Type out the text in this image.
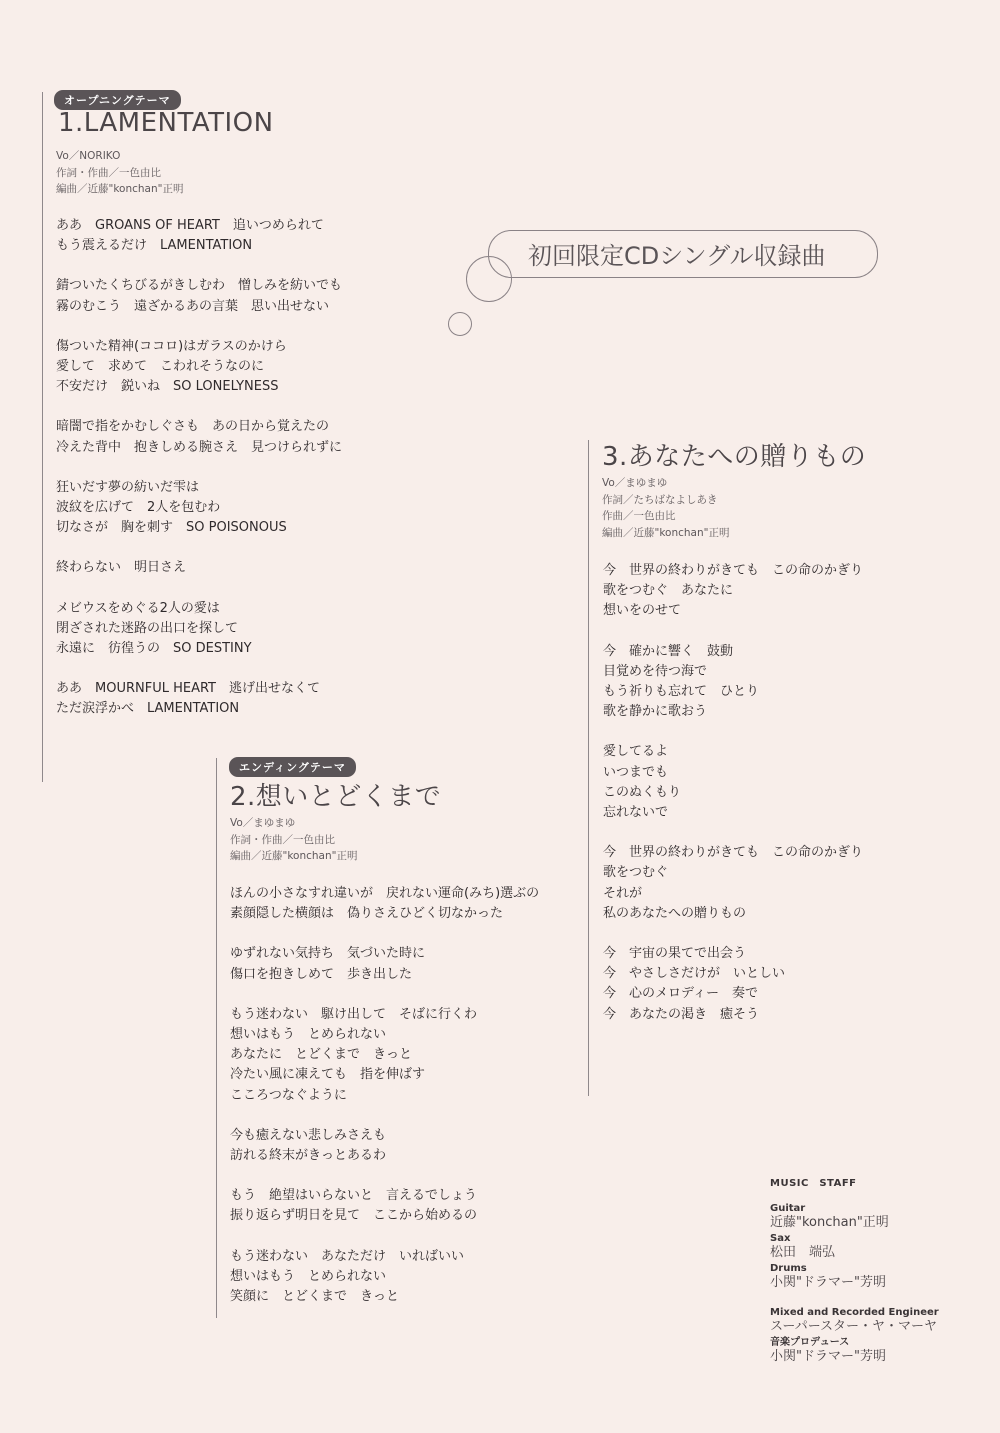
初回限定CDシングル収録曲
オープニングテーマ
1.LAMENTATION
Vo／NORIKO
作詞・作曲／一色由比
編曲／近藤"konchan"正明
ああ　GROANS OF HEART　追いつめられて
もう震えるだけ　LAMENTATION
錆ついたくちびるがきしむわ　憎しみを紡いでも
霧のむこう　遠ざかるあの言葉　思い出せない
傷ついた精神(ココロ)はガラスのかけら
愛して　求めて　こわれそうなのに
不安だけ　鋭いね　SO LONELYNESS
暗闇で指をかむしぐさも　あの日から覚えたの
冷えた背中　抱きしめる腕さえ　見つけられずに
狂いだす夢の紡いだ雫は
波紋を広げて　2人を包むわ
切なさが　胸を刺す　SO POISONOUS
終わらない　明日さえ
メビウスをめぐる2人の愛は
閉ざされた迷路の出口を探して
永遠に　彷徨うの　SO DESTINY
ああ　MOURNFUL HEART　逃げ出せなくて
ただ涙浮かべ　LAMENTATION
エンディングテーマ
2.想いとどくまで
Vo／まゆまゆ
作詞・作曲／一色由比
編曲／近藤"konchan"正明
ほんの小さなすれ違いが　戻れない運命(みち)選ぶの
素顔隠した横顔は　偽りさえひどく切なかった
ゆずれない気持ち　気づいた時に
傷口を抱きしめて　歩き出した
もう迷わない　駆け出して　そばに行くわ
想いはもう　とめられない
あなたに　とどくまで　きっと
冷たい風に凍えても　指を伸ばす
こころつなぐように
今も癒えない悲しみさえも
訪れる終末がきっとあるわ
もう　絶望はいらないと　言えるでしょう
振り返らず明日を見て　ここから始めるの
もう迷わない　あなただけ　いればいい
想いはもう　とめられない
笑顔に　とどくまで　きっと
3.あなたへの贈りもの
Vo／まゆまゆ
作詞／たちばなよしあき
作曲／一色由比
編曲／近藤"konchan"正明
今　世界の終わりがきても　この命のかぎり
歌をつむぐ　あなたに
想いをのせて
今　確かに響く　鼓動
目覚めを待つ海で
もう祈りも忘れて　ひとり
歌を静かに歌おう
愛してるよ
いつまでも
このぬくもり
忘れないで
今　世界の終わりがきても　この命のかぎり
歌をつむぐ
それが
私のあなたへの贈りもの
今　宇宙の果てで出会う
今　やさしさだけが　いとしい
今　心のメロディー　奏で
今　あなたの渇き　癒そう
MUSIC　STAFF
Guitar
近藤"konchan"正明
Sax
松田　端弘
Drums
小関"ドラマー"芳明
Mixed and Recorded Engineer
スーパースター・ヤ・マーヤ
音楽プロデュース
小関"ドラマー"芳明
